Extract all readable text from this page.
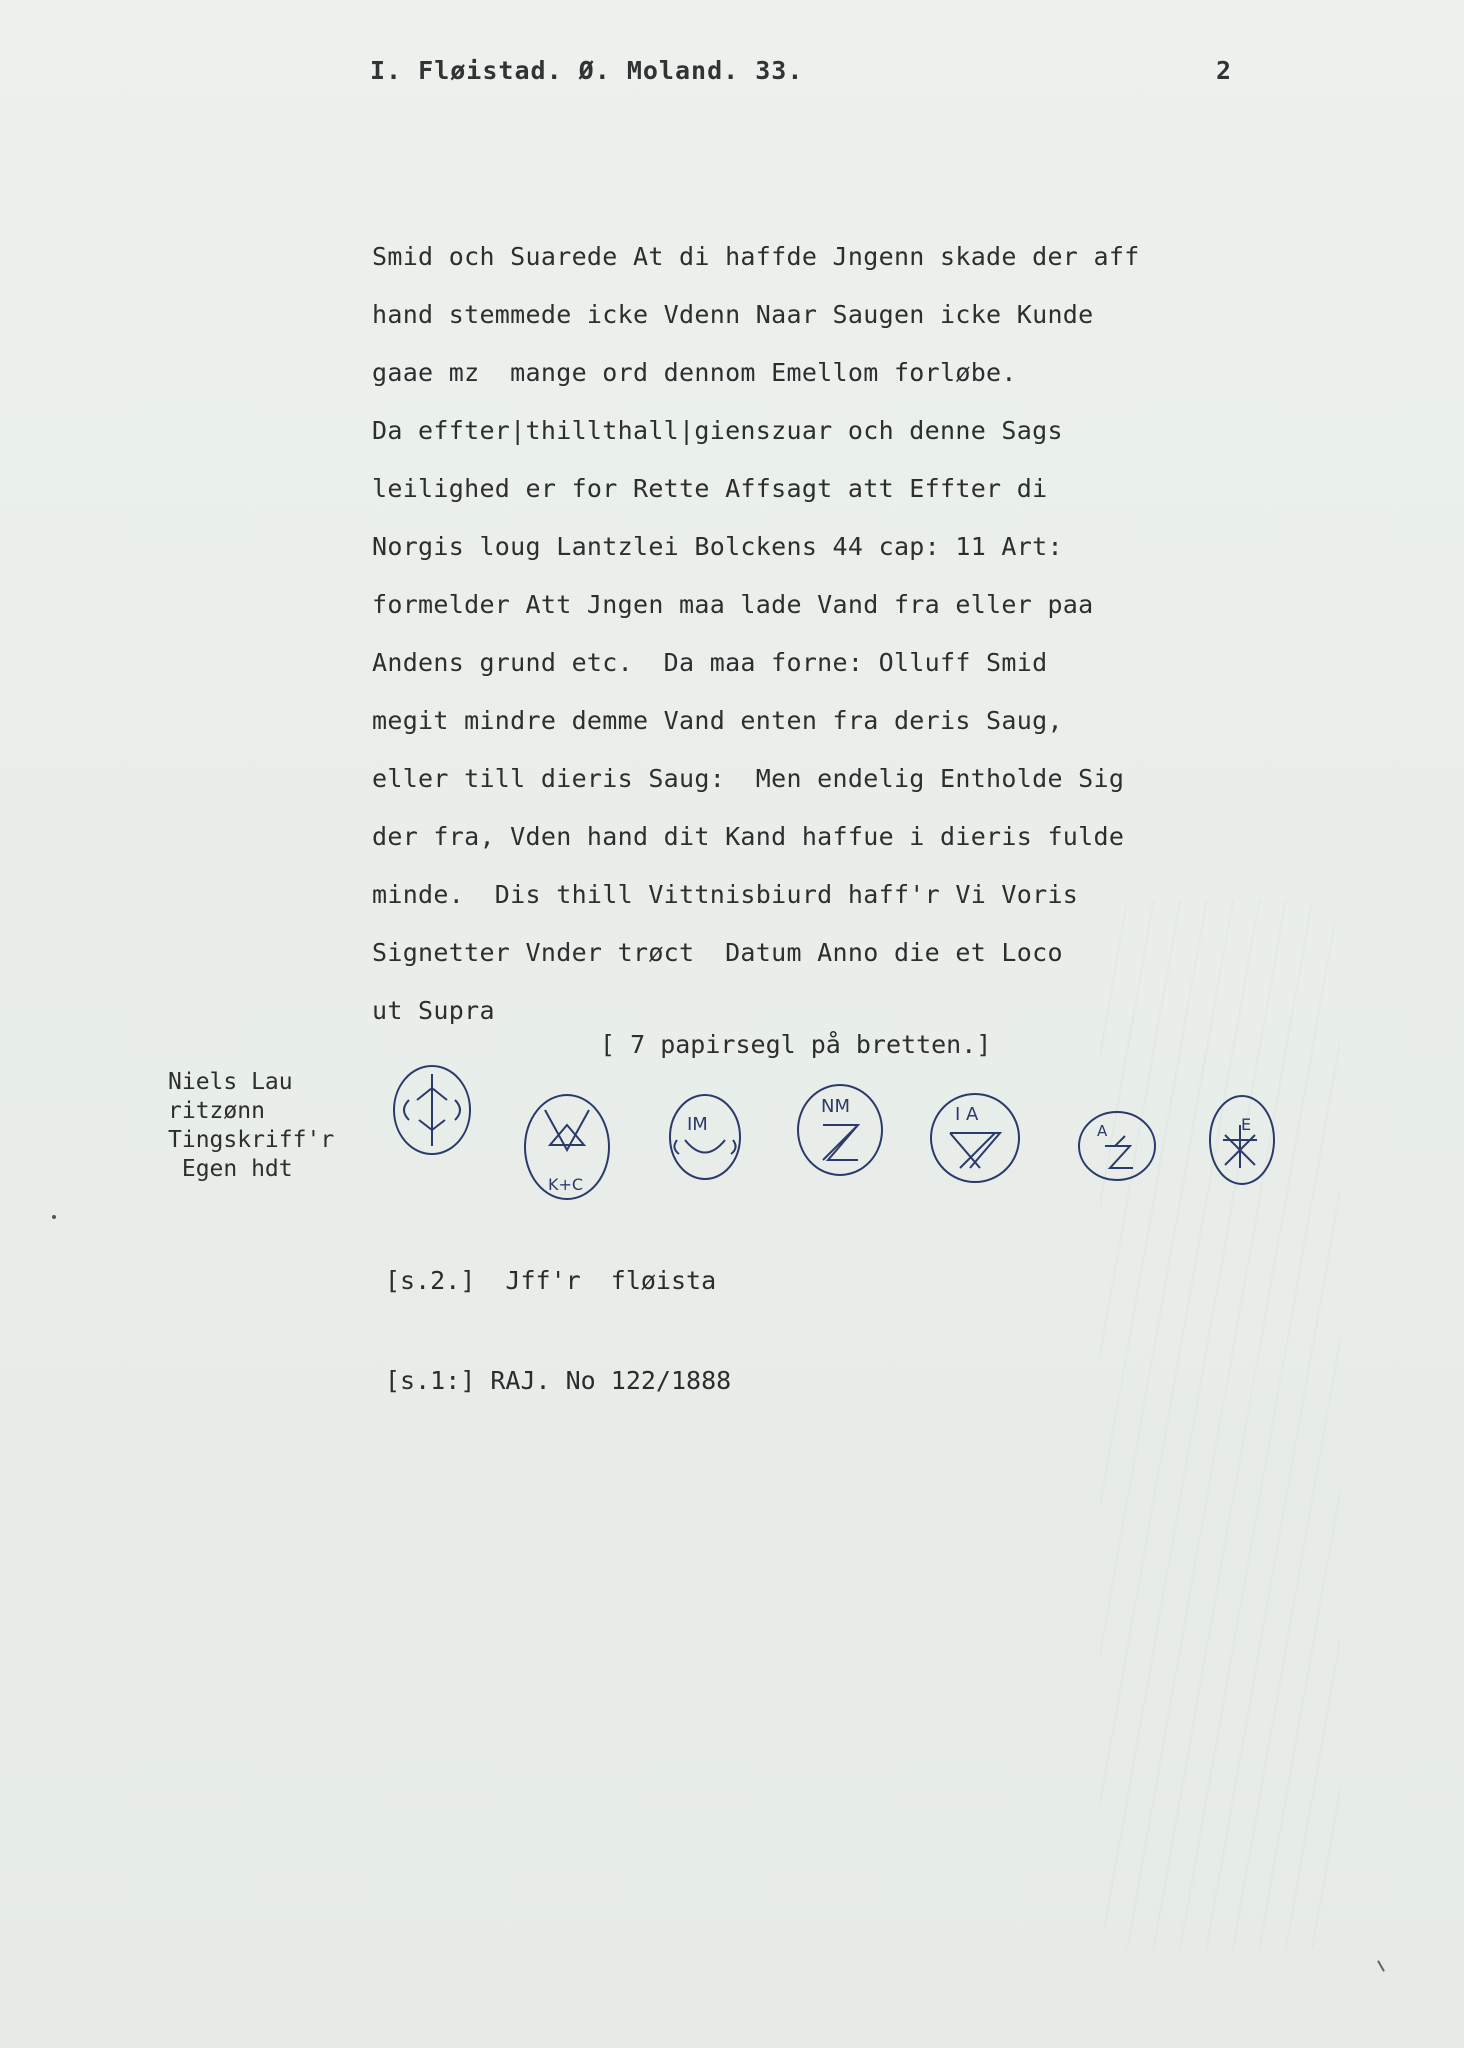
I. Fløistad. Ø. Moland. 33.	2
Smid och Suarede At di haffde Jngenn skade der aff
hand stemmede icke Vdenn Naar Saugen icke Kunde
gaae mz  mange ord dennom Emellom forløbe.
Da effter|thillthall|gienszuar och denne Sags
leilighed er for Rette Affsagt att Effter di
Norgis loug Lantzlei Bolckens 44 cap: 11 Art:
formelder Att Jngen maa lade Vand fra eller paa
Andens grund etc.  Da maa forne: Olluff Smid
megit mindre demme Vand enten fra deris Saug,
eller till dieris Saug:  Men endelig Entholde Sig
der fra, Vden hand dit Kand haffue i dieris fulde
minde.  Dis thill Vittnisbiurd haff'r Vi Voris
Signetter Vnder trøct  Datum Anno die et Loco
ut Supra
[ 7 papirsegl på bretten.]
Niels Lau
ritzønn
Tingskriff'r
Egen hdt
K+C
IM
NM	I A
A	E
[s.2.]  Jff'r  fløista
[s.1:] RAJ. No 122/1888
